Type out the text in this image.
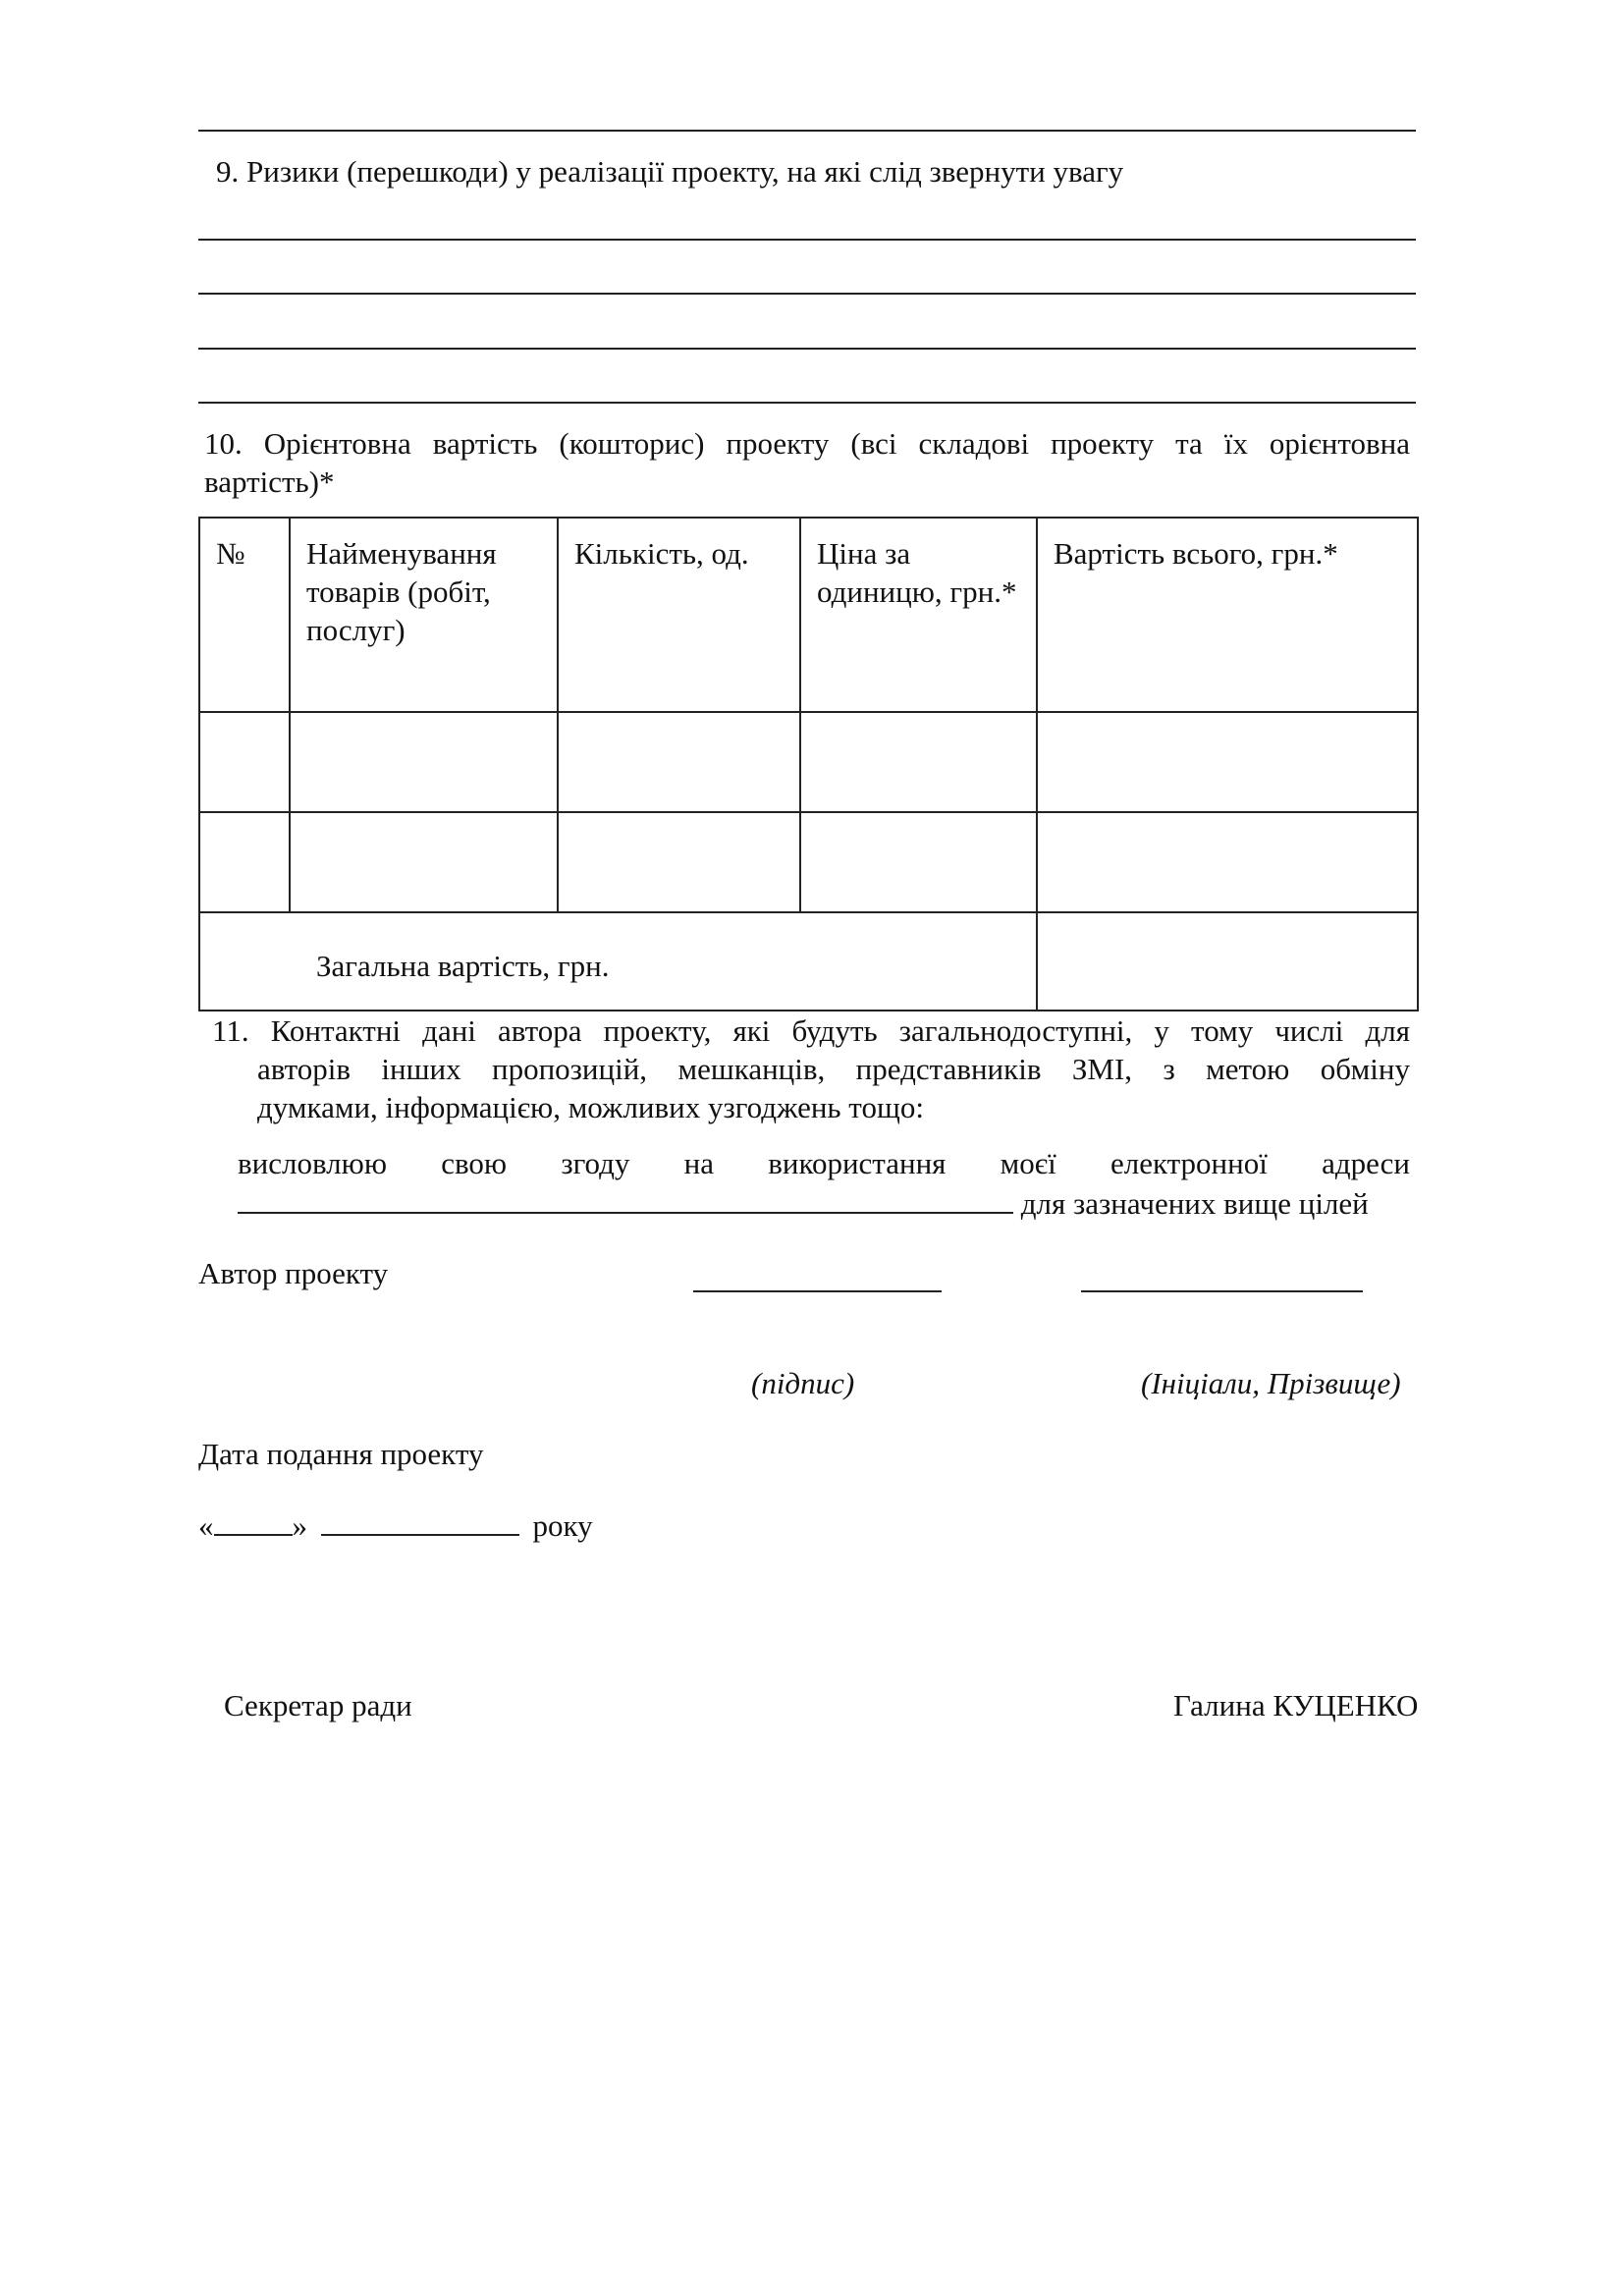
9. Ризики (перешкоди) у реалізації проекту, на які слід звернути увагу
10. Орієнтовна вартість (кошторис) проекту (всі складові проекту та їх орієнтовна
вартість)*
№	Найменування товарів (робіт, послуг)	Кількість, од.	Ціна за одиницю, грн.*	Вартість всього, грн.*

Загальна вартість, грн.				
11. Контактні дані автора проекту, які будуть загальнодоступні, у тому числі для
авторів інших пропозицій, мешканців, представників ЗМІ, з метою обміну
думками, інформацією, можливих узгоджень тощо:
висловлюю свою згоду на використання моєї електронної адреси
для зазначених вище цілей
Автор проекту
(підпис)	(Ініціали, Прізвище)
Дата подання проекту
«	»	року
Секретар ради	Галина КУЦЕНКО
